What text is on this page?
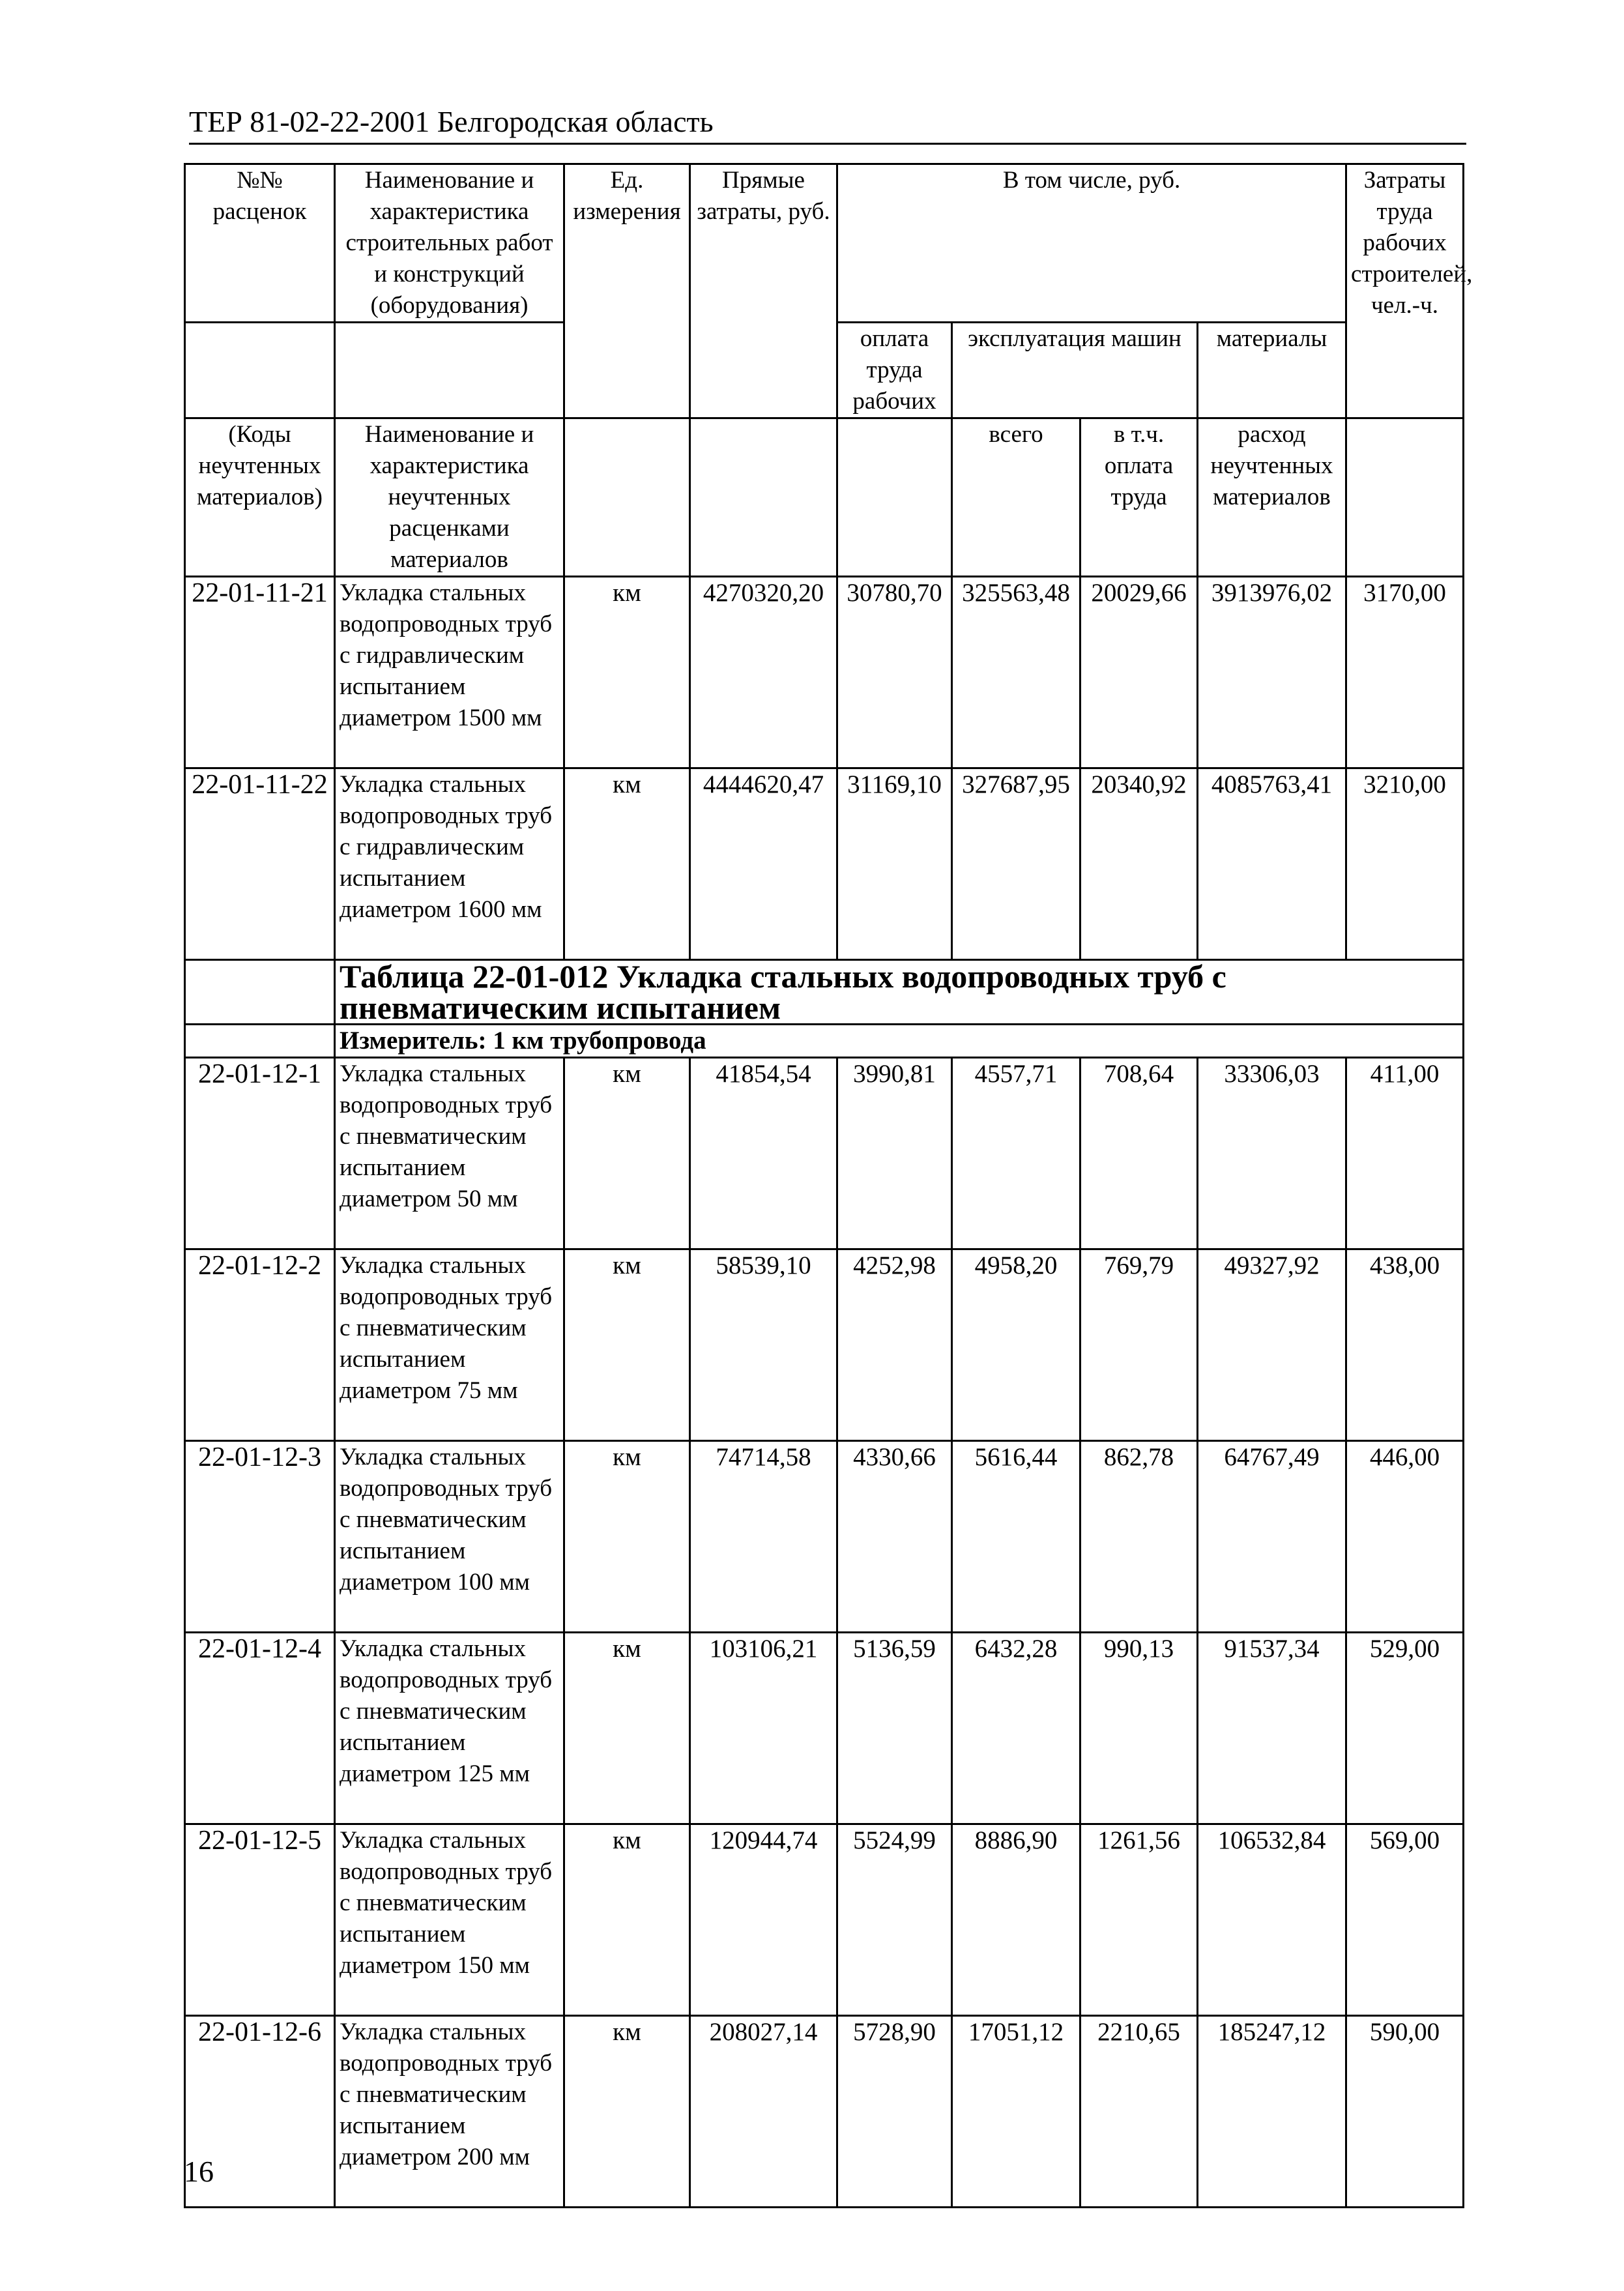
ТЕР 81-02-22-2001 Белгородская область
№№ расценок	Наименование и характеристика строительных работ и конструкций (оборудования)	Ед. измерения	Прямые затраты, руб.	В том числе, руб.				Затраты труда рабочих строителей, чел.-ч.
				оплата труда рабочих	эксплуатация машин		материалы	
(Коды неучтенных материалов)	Наименование и характеристика неучтенных расценками материалов				всего	в т.ч. оплата труда	расход неучтенных материалов	
22-01-11-21	Укладка стальных водопроводных труб с гидравлическим испытанием диаметром 1500 мм	км	4270320,20	30780,70	325563,48	20029,66	3913976,02	3170,00
22-01-11-22	Укладка стальных водопроводных труб с гидравлическим испытанием диаметром 1600 мм	км	4444620,47	31169,10	327687,95	20340,92	4085763,41	3210,00
	Таблица 22-01-012 Укладка стальных водопроводных труб с пневматическим испытанием							
	Измеритель: 1 км трубопровода							
22-01-12-1	Укладка стальных водопроводных труб с пневматическим испытанием диаметром 50 мм	км	41854,54	3990,81	4557,71	708,64	33306,03	411,00
22-01-12-2	Укладка стальных водопроводных труб с пневматическим испытанием диаметром 75 мм	км	58539,10	4252,98	4958,20	769,79	49327,92	438,00
22-01-12-3	Укладка стальных водопроводных труб с пневматическим испытанием диаметром 100 мм	км	74714,58	4330,66	5616,44	862,78	64767,49	446,00
22-01-12-4	Укладка стальных водопроводных труб с пневматическим испытанием диаметром 125 мм	км	103106,21	5136,59	6432,28	990,13	91537,34	529,00
22-01-12-5	Укладка стальных водопроводных труб с пневматическим испытанием диаметром 150 мм	км	120944,74	5524,99	8886,90	1261,56	106532,84	569,00
22-01-12-6	Укладка стальных водопроводных труб с пневматическим испытанием диаметром 200 мм	км	208027,14	5728,90	17051,12	2210,65	185247,12	590,00
16
